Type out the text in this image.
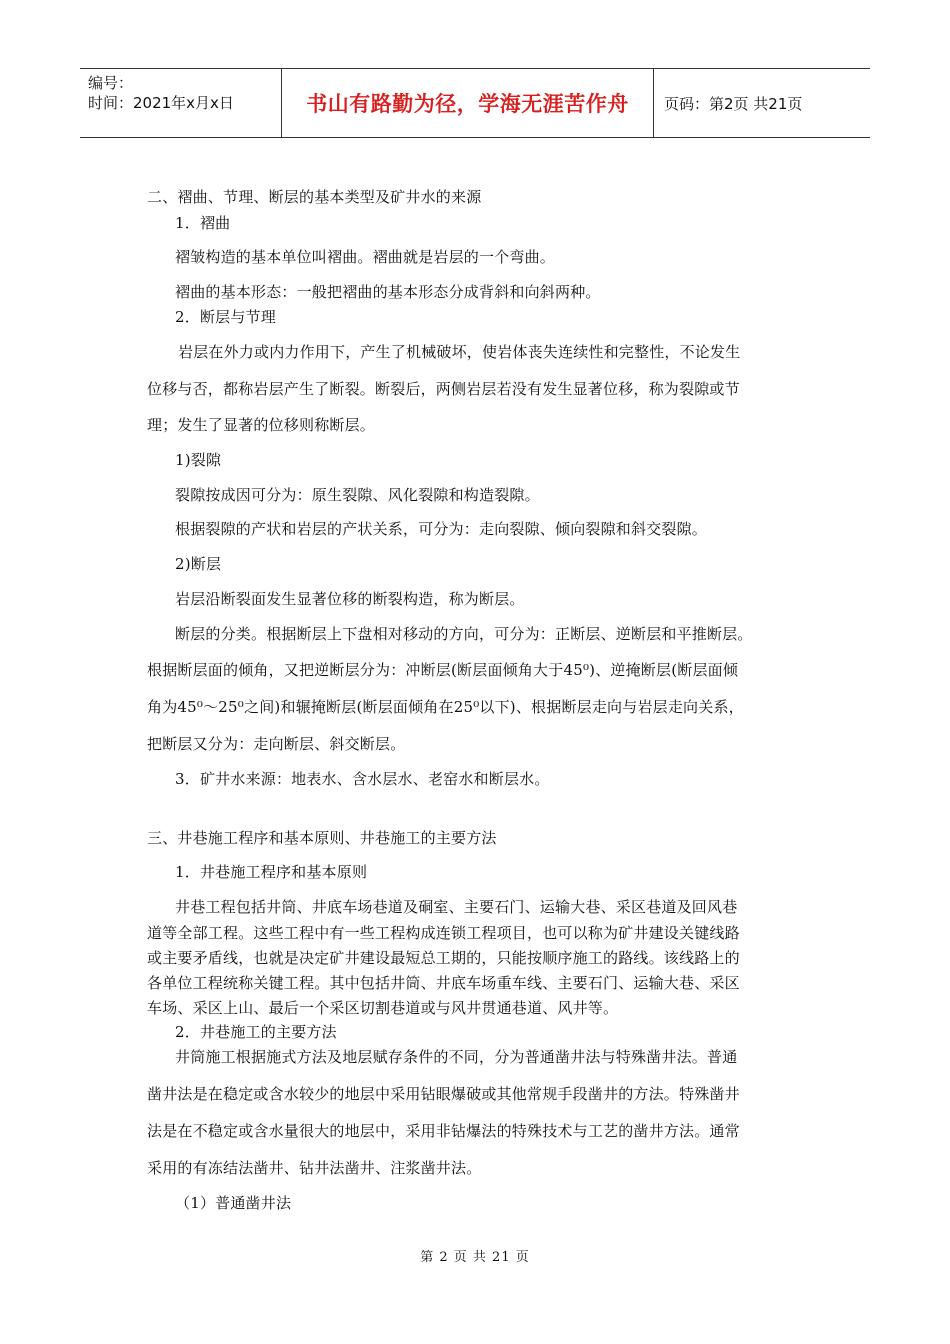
编号：
时间：2021年x月x日	书山有路勤为径，学海无涯苦作舟 页码：第2页 共21页
二、褶曲、节理、断层的基本类型及矿井水的来源
1．褶曲
褶皱构造的基本单位叫褶曲。褶曲就是岩层的一个弯曲。
褶曲的基本形态：一般把褶曲的基本形态分成背斜和向斜两种。
2．断层与节理
岩层在外力或内力作用下，产生了机械破坏，使岩体丧失连续性和完整性，不论发生
位移与否，都称岩层产生了断裂。断裂后，两侧岩层若没有发生显著位移，称为裂隙或节
理；发生了显著的位移则称断层。
1)裂隙
裂隙按成因可分为：原生裂隙、风化裂隙和构造裂隙。
根据裂隙的产状和岩层的产状关系，可分为：走向裂隙、倾向裂隙和斜交裂隙。
2)断层
岩层沿断裂面发生显著位移的断裂构造，称为断层。
断层的分类。根据断层上下盘相对移动的方向，可分为：正断层、逆断层和平推断层。
根据断层面的倾角，又把逆断层分为：冲断层(断层面倾角大于45⁰)、逆掩断层(断层面倾
角为45⁰～25⁰之间)和辗掩断层(断层面倾角在25⁰以下)、根据断层走向与岩层走向关系，
把断层又分为：走向断层、斜交断层。
3．矿井水来源：地表水、含水层水、老窑水和断层水。
三、井巷施工程序和基本原则、井巷施工的主要方法
1．井巷施工程序和基本原则
井巷工程包括井筒、井底车场巷道及硐室、主要石门、运输大巷、采区巷道及回风巷
道等全部工程。这些工程中有一些工程构成连锁工程项目，也可以称为矿井建设关键线路
或主要矛盾线，也就是决定矿井建设最短总工期的，只能按顺序施工的路线。该线路上的
各单位工程统称关键工程。其中包括井筒、井底车场重车线、主要石门、运输大巷、采区
车场、采区上山、最后一个采区切割巷道或与风井贯通巷道、风井等。
2．井巷施工的主要方法
井筒施工根据施式方法及地层赋存条件的不同，分为普通凿井法与特殊凿井法。普通
凿井法是在稳定或含水较少的地层中采用钻眼爆破或其他常规手段凿井的方法。特殊凿井
法是在不稳定或含水量很大的地层中，采用非钻爆法的特殊技术与工艺的凿井方法。通常
采用的有冻结法凿井、钻井法凿井、注浆凿井法。
（1）普通凿井法
第 2 页 共 21 页
